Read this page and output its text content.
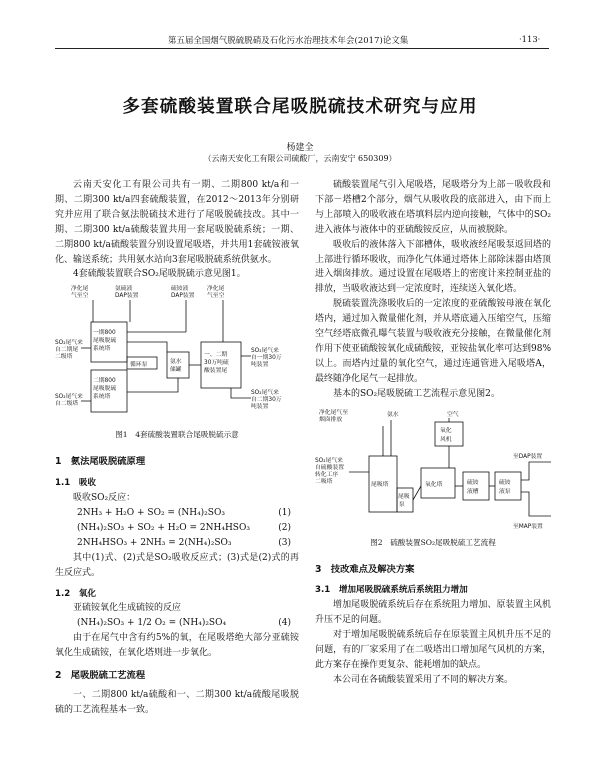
第五届全国烟气脱硫脱硝及石化污水治理技术年会(2017)论文集	·113·
多套硫酸装置联合尾吸脱硫技术研究与应用
杨建全
（云南天安化工有限公司硫酸厂，云南安宁 650309）

云南天安化工有限公司共有一期、二期800 kt/a和一期、二期300 kt/a四套硫酸装置，在2012～2013年分别研究并应用了联合氨法脱硫技术进行了尾吸脱硫技改。其中一期、二期300 kt/a硫酸装置共用一套尾吸脱硫系统；一期、二期800 kt/a硫酸装置分别设置尾吸塔，并共用1套硫铵液氧化、输送系统；共用氨水站向3套尾吸脱硫系统供氨水。

4套硫酸装置联合SO₂尾吸脱硫示意见图1。

净化尾
气至空
氨硫液
DAP装置
硫铵液
DAP装置
净化尾
气至空
一期800
尾吸脱硫
系统塔
循环泵
二期800
尾吸脱硫
系统塔
氨水
储罐
一、二期
30万吨硫
酸装置尾
SO₂尾气来
自二期尾
二级塔
SO₂尾气来
自二级塔
SO₂尾气来
自一期30万
吨装置
SO₂尾气来
自二期30万
吨装置

图1　4套硫酸装置联合尾吸脱硫示意

1　氨法尾吸脱硫原理

1.1　吸收

吸收SO₂反应：

2NH₃ + H₂O + SO₂ = (NH₄)₂SO₃	(1)
(NH₄)₂SO₃ + SO₂ + H₂O = 2NH₄HSO₃	(2)
2NH₄HSO₃ + 2NH₃ = 2(NH₄)₂SO₃	(3)

其中(1)式、(2)式是SO₂吸收反应式；(3)式是(2)式的再生反应式。

1.2　氧化

亚硫铵氧化生成硫铵的反应

(NH₄)₂SO₃ + 1/2 O₂ = (NH₄)₂SO₄	(4)

由于在尾气中含有约5%的氧，在尾吸塔绝大部分亚硫铵氧化生成硫铵，在氧化塔则进一步氧化。

2　尾吸脱硫工艺流程

一、二期800 kt/a硫酸和一、二期300 kt/a硫酸尾吸脱硫的工艺流程基本一致。

硫酸装置尾气引入尾吸塔，尾吸塔分为上部－吸收段和下部－塔槽2个部分，烟气从吸收段的底部进入，由下而上与上部喷入的吸收液在塔填料层内逆向接触，气体中的SO₂进入液体与液体中的亚硫酸铵反应，从而被脱除。

吸收后的液体落入下部槽体，吸收液经尾吸泵返回塔的上部进行循环吸收，而净化气体通过塔体上部除沫器由塔顶进入烟囱排放。通过设置在尾吸塔上的密度计来控制亚盐的排放，当吸收液达到一定浓度时，连续送入氧化塔。

脱硫装置洗涤吸收后的一定浓度的亚硫酸铵母液在氧化塔内，通过加入微量催化剂，并从塔底通入压缩空气，压缩空气经塔底微孔曝气装置与吸收液充分接触，在微量催化剂作用下使亚硫酸铵氧化成硫酸铵，亚铵盐氧化率可达到98%以上。而塔内过量的氧化空气，通过连通管进入尾吸塔A，最终随净化尾气一起排放。

基本的SO₂尾吸脱硫工艺流程示意见图2。

净化尾气至
烟囱排放
氨水	空气
氧化
风机
尾吸塔
尾吸
泵
氧化塔	硫铵
液槽
硫铵
液泵
SO₂尾气来
自硫酸装置
转化工序
二吸塔
至DAP装置
至MAP装置

图2　硫酸装置SO₂尾吸脱硫工艺流程

3　技改难点及解决方案

3.1　增加尾吸脱硫系统后系统阻力增加

增加尾吸脱硫系统后存在系统阻力增加、原装置主风机升压不足的问题。

对于增加尾吸脱硫系统后存在原装置主风机升压不足的问题，有的厂家采用了在二吸塔出口增加尾气风机的方案，此方案存在操作更复杂、能耗增加的缺点。

本公司在各硫酸装置采用了不同的解决方案。
